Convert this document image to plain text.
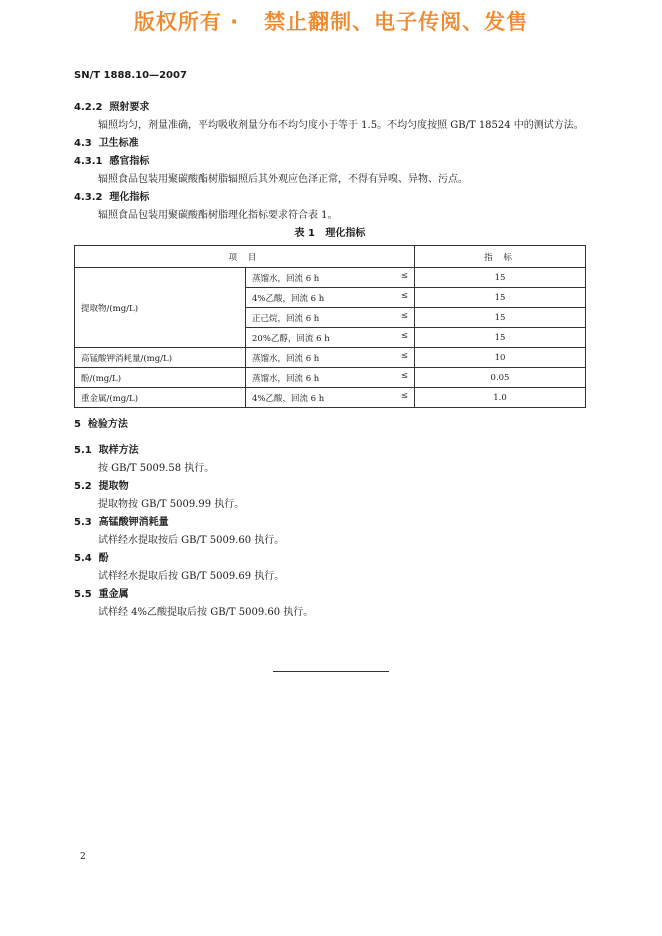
版权所有 ·   禁止翻制、电子传阅、发售
SN/T 1888.10—2007
4.2.2  照射要求
辐照均匀，剂量准确，平均吸收剂量分布不均匀度小于等于 1.5。不均匀度按照 GB/T 18524 中的测试方法。
4.3  卫生标准
4.3.1  感官指标
辐照食品包装用聚碳酸酯树脂辐照后其外观应色泽正常，不得有异嗅、异物、污点。
4.3.2  理化指标
辐照食品包装用聚碳酸酯树脂理化指标要求符合表 1。
表 1   理化指标
项 目		指 标
提取物/(mg/L)	蒸馏水，回流 6 h ≤	15
	4%乙酸，回流 6 h ≤	15
	正己烷，回流 6 h ≤	15
	20%乙醇，回流 6 h ≤	15
高锰酸钾消耗量/(mg/L)	蒸馏水，回流 6 h ≤	10
酚/(mg/L)	蒸馏水，回流 6 h ≤	0.05
重金属/(mg/L)	4%乙酸，回流 6 h ≤	1.0
5  检验方法
5.1  取样方法
按 GB/T 5009.58 执行。
5.2  提取物
提取物按 GB/T 5009.99 执行。
5.3  高锰酸钾消耗量
试样经水提取按后 GB/T 5009.60 执行。
5.4  酚
试样经水提取后按 GB/T 5009.69 执行。
5.5  重金属
试样经 4%乙酸提取后按 GB/T 5009.60 执行。
2
